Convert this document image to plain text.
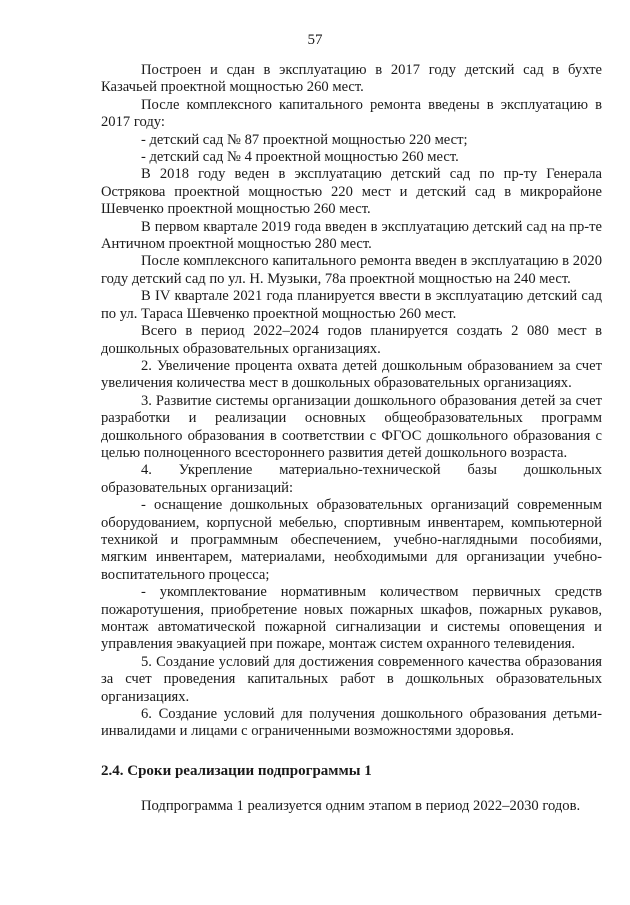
57

Построен и сдан в эксплуатацию в 2017 году детский сад в бухте Казачьей проектной мощностью 260 мест.

После комплексного капитального ремонта введены в эксплуатацию в 2017 году:

- детский сад № 87 проектной мощностью 220 мест;

- детский сад № 4 проектной мощностью 260 мест.

В 2018 году веден в эксплуатацию детский сад по пр-ту Генерала Острякова проектной мощностью 220 мест и детский сад в микрорайоне Шевченко проектной мощностью 260 мест.

В первом квартале 2019 года введен в эксплуатацию детский сад на пр-те Античном проектной мощностью 280 мест.

После комплексного капитального ремонта введен в эксплуатацию в 2020 году детский сад по ул. Н. Музыки, 78а проектной мощностью на 240 мест.

В IV квартале 2021 года планируется ввести в эксплуатацию детский сад по ул. Тараса Шевченко проектной мощностью 260 мест.

Всего в период 2022–2024 годов планируется создать 2 080 мест в дошкольных образовательных организациях.

2. Увеличение процента охвата детей дошкольным образованием за счет увеличения количества мест в дошкольных образовательных организациях.

3. Развитие системы организации дошкольного образования детей за счет разработки и реализации основных общеобразовательных программ дошкольного образования в соответствии с ФГОС дошкольного образования с целью полноценного всестороннего развития детей дошкольного возраста.

4. Укрепление материально-технической базы дошкольных образовательных организаций:

- оснащение дошкольных образовательных организаций современным оборудованием, корпусной мебелью, спортивным инвентарем, компьютерной техникой и программным обеспечением, учебно-наглядными пособиями, мягким инвентарем, материалами, необходимыми для организации учебно-воспитательного процесса;

- укомплектование нормативным количеством первичных средств пожаротушения, приобретение новых пожарных шкафов, пожарных рукавов, монтаж автоматической пожарной сигнализации и системы оповещения и управления эвакуацией при пожаре, монтаж систем охранного телевидения.

5. Создание условий для достижения современного качества образования за счет проведения капитальных работ в дошкольных образовательных организациях.

6. Создание условий для получения дошкольного образования детьми-инвалидами и лицами с ограниченными возможностями здоровья.

2.4. Сроки реализации подпрограммы 1

Подпрограмма 1 реализуется одним этапом в период 2022–2030 годов.
